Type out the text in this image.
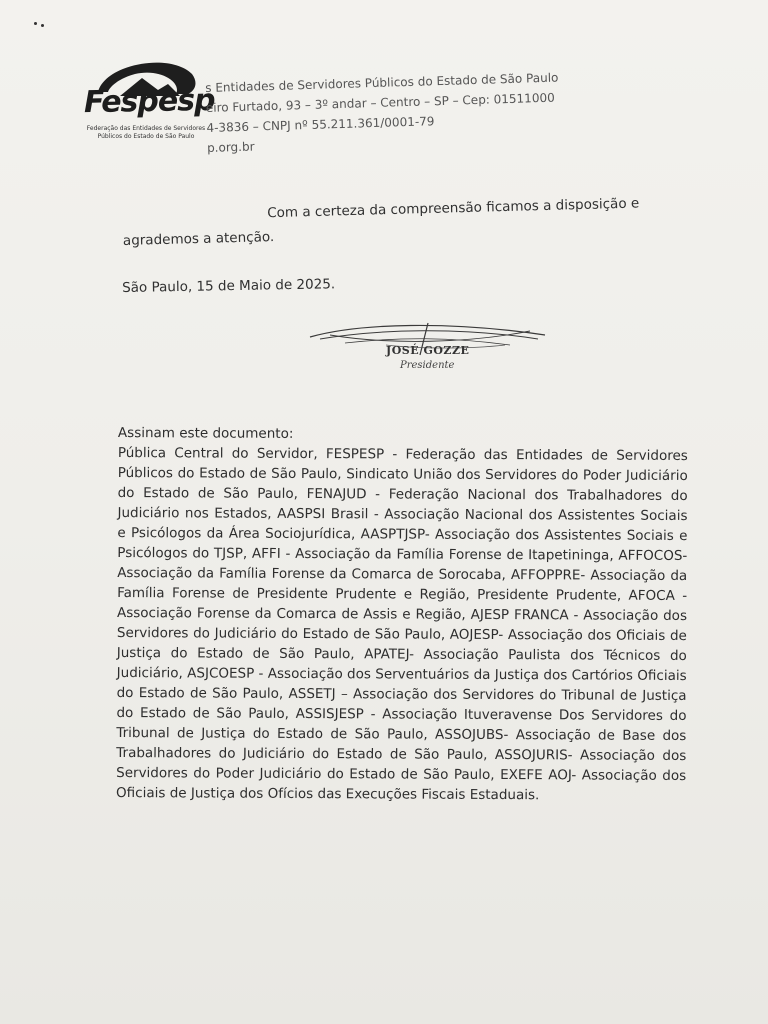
Fespesp
Federação das Entidades de Servidores Públicos do Estado de São Paulo
s Entidades de Servidores Públicos do Estado de São Paulo
eiro Furtado, 93 – 3º andar – Centro – SP – Cep: 01511000
4-3836 – CNPJ nº 55.211.361/0001-79
p.org.br
Com a certeza da compreensão ficamos a disposição e
agrademos a atenção.
São Paulo, 15 de Maio de 2025.
JOSÉ GOZZE
Presidente
Assinam este documento:
Pública Central do Servidor, FESPESP - Federação das Entidades de Servidores Públicos do Estado de São Paulo, Sindicato União dos Servidores do Poder Judiciário do Estado de São Paulo, FENAJUD - Federação Nacional dos Trabalhadores do Judiciário nos Estados, AASPSI Brasil - Associação Nacional dos Assistentes Sociais e Psicólogos da Área Sociojurídica, AASPTJSP- Associação dos Assistentes Sociais e Psicólogos do TJSP, AFFI - Associação da Família Forense de Itapetininga, AFFOCOS- Associação da Família Forense da Comarca de Sorocaba, AFFOPPRE- Associação da Família Forense de Presidente Prudente e Região, Presidente Prudente, AFOCA - Associação Forense da Comarca de Assis e Região, AJESP FRANCA - Associação dos Servidores do Judiciário do Estado de São Paulo, AOJESP- Associação dos Oficiais de Justiça do Estado de São Paulo, APATEJ- Associação Paulista dos Técnicos do Judiciário, ASJCOESP - Associação dos Serventuários da Justiça dos Cartórios Oficiais do Estado de São Paulo, ASSETJ – Associação dos Servidores do Tribunal de Justiça do Estado de São Paulo, ASSISJESP - Associação Ituveravense Dos Servidores do Tribunal de Justiça do Estado de São Paulo, ASSOJUBS- Associação de Base dos Trabalhadores do Judiciário do Estado de São Paulo, ASSOJURIS- Associação dos Servidores do Poder Judiciário do Estado de São Paulo, EXEFE AOJ- Associação dos Oficiais de Justiça dos Ofícios das Execuções Fiscais Estaduais.
